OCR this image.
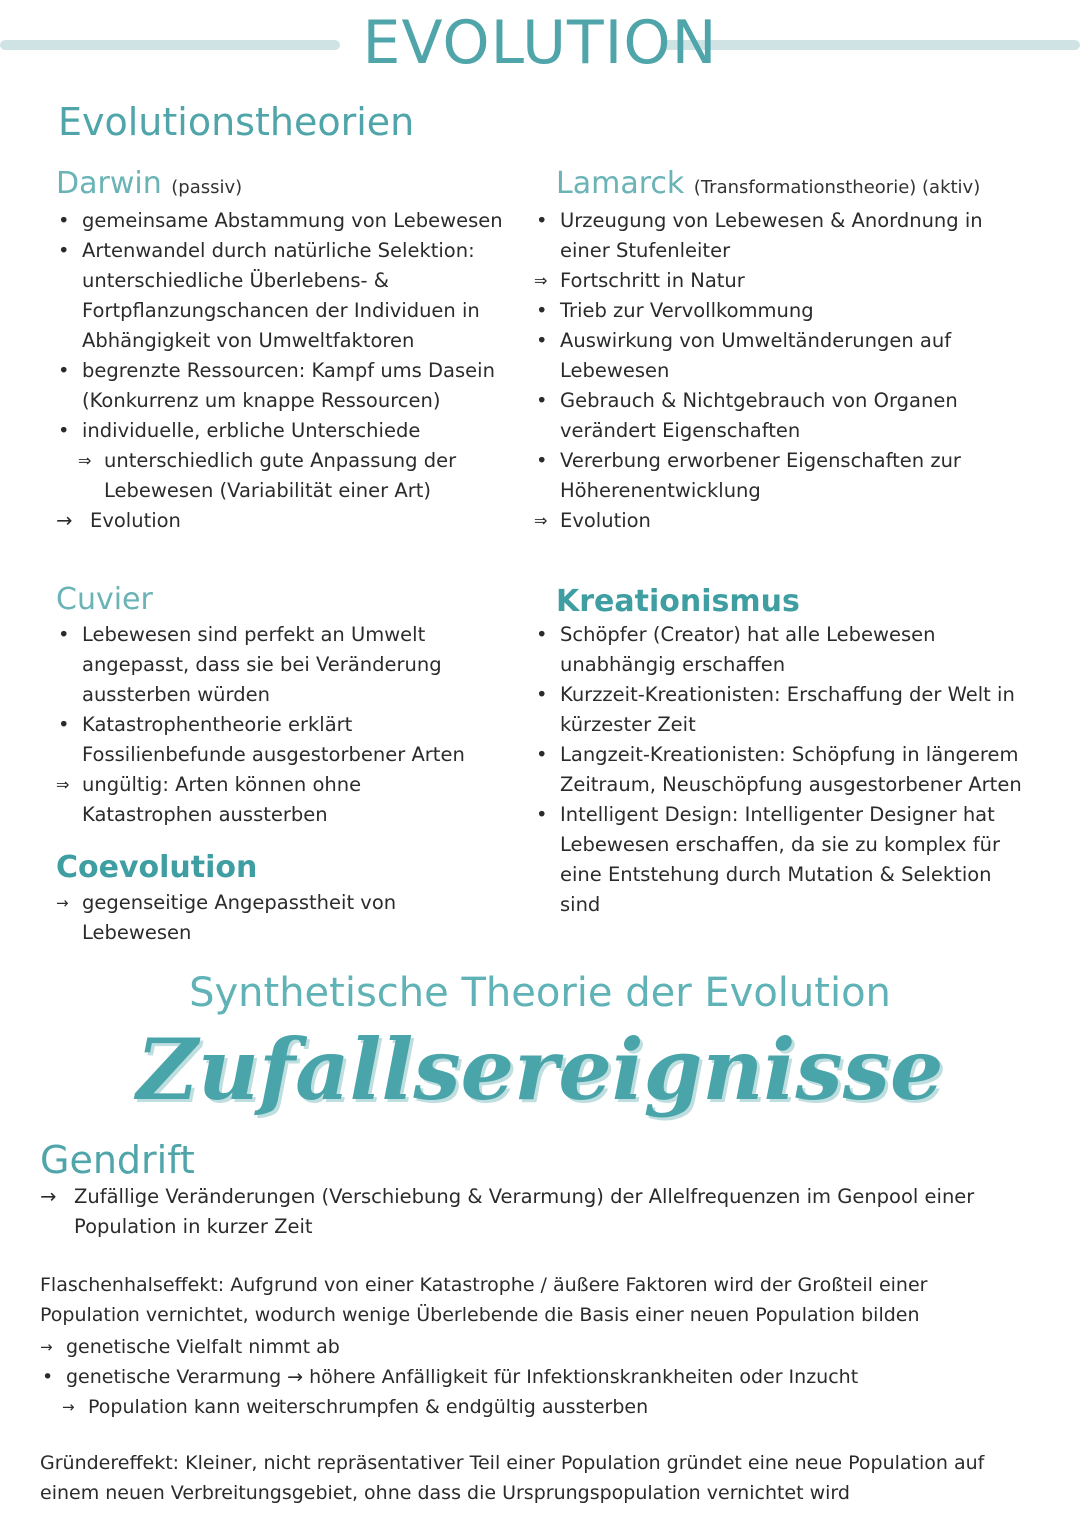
EVOLUTION
Evolutionstheorien
Darwin (passiv)
• gemeinsame Abstammung von Lebewesen
• Artenwandel durch natürliche Selektion: unterschiedliche Überlebens- & Fortpflanzungschancen der Individuen in Abhängigkeit von Umweltfaktoren
• begrenzte Ressourcen: Kampf ums Dasein (Konkurrenz um knappe Ressourcen)
• individuelle, erbliche Unterschiede
⇒ unterschiedlich gute Anpassung der Lebewesen (Variabilität einer Art)
→ Evolution
Lamarck (Transformationstheorie) (aktiv)
• Urzeugung von Lebewesen & Anordnung in einer Stufenleiter
⇒ Fortschritt in Natur
• Trieb zur Vervollkommung
• Auswirkung von Umweltänderungen auf Lebewesen
• Gebrauch & Nichtgebrauch von Organen verändert Eigenschaften
• Vererbung erworbener Eigenschaften zur Höherenentwicklung
⇒ Evolution
Cuvier
• Lebewesen sind perfekt an Umwelt angepasst, dass sie bei Veränderung aussterben würden
• Katastrophentheorie erklärt Fossilienbefunde ausgestorbener Arten
⇒ ungültig: Arten können ohne Katastrophen aussterben
Coevolution
→ gegenseitige Angepasstheit von Lebewesen
Kreationismus
• Schöpfer (Creator) hat alle Lebewesen unabhängig erschaffen
• Kurzzeit-Kreationisten: Erschaffung der Welt in kürzester Zeit
• Langzeit-Kreationisten: Schöpfung in längerem Zeitraum, Neuschöpfung ausgestorbener Arten
• Intelligent Design: Intelligenter Designer hat Lebewesen erschaffen, da sie zu komplex für eine Entstehung durch Mutation & Selektion sind
Synthetische Theorie der Evolution
Zufallsereignisse
Gendrift
→ Zufällige Veränderungen (Verschiebung & Verarmung) der Allelfrequenzen im Genpool einer Population in kurzer Zeit

Flaschenhalseffekt: Aufgrund von einer Katastrophe / äußere Faktoren wird der Großteil einer Population vernichtet, wodurch wenige Überlebende die Basis einer neuen Population bilden

→ genetische Vielfalt nimmt ab
• genetische Verarmung → höhere Anfälligkeit für Infektionskrankheiten oder Inzucht
→ Population kann weiterschrumpfen & endgültig aussterben

Gründereffekt: Kleiner, nicht repräsentativer Teil einer Population gründet eine neue Population auf einem neuen Verbreitungsgebiet, ohne dass die Ursprungspopulation vernichtet wird
